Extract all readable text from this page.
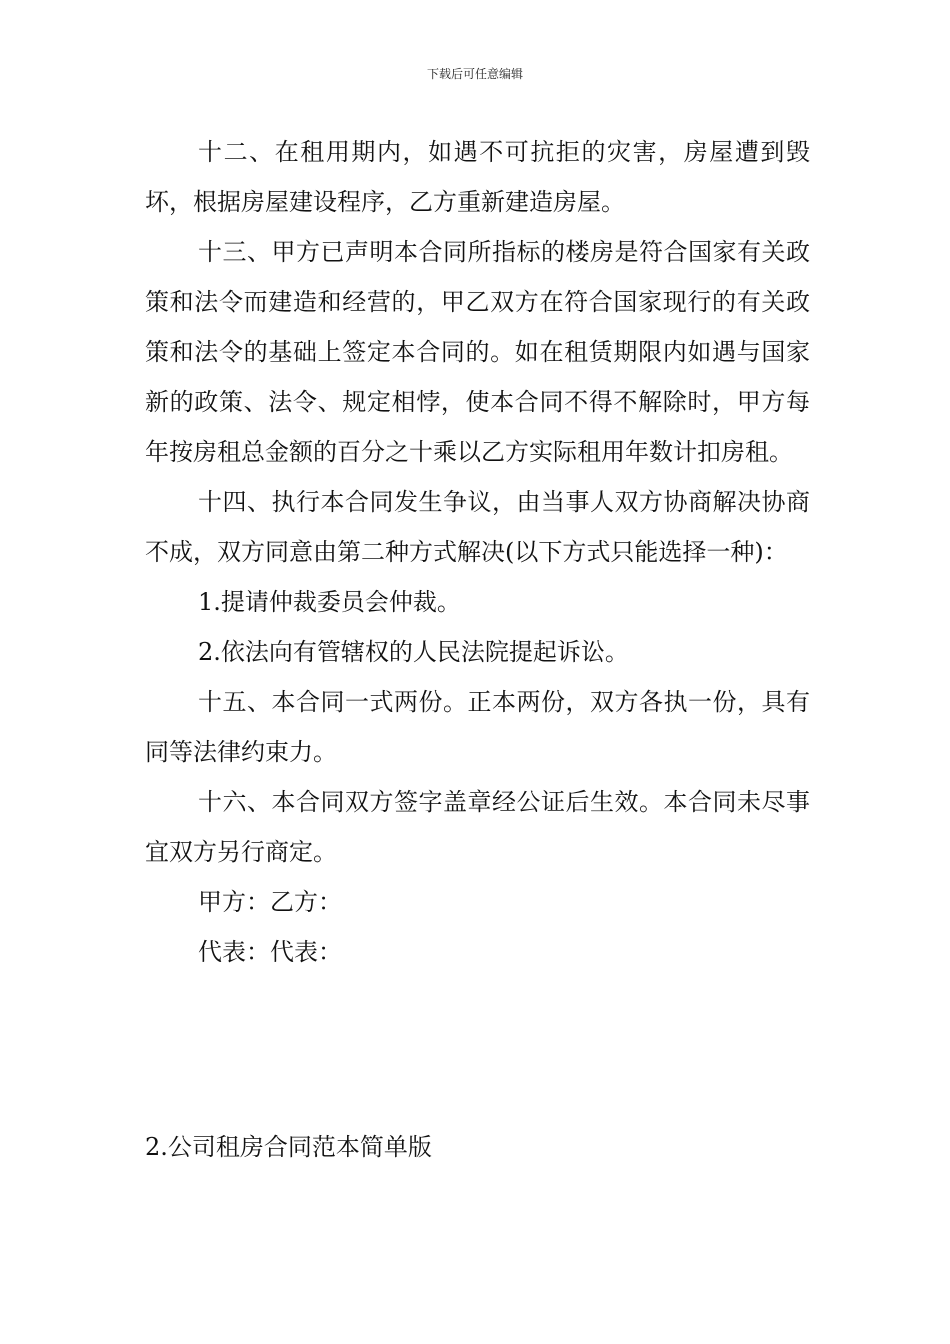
下载后可任意编辑

十二、在租用期内，如遇不可抗拒的灾害，房屋遭到毁坏，根据房屋建设程序，乙方重新建造房屋。

十三、甲方已声明本合同所指标的楼房是符合国家有关政策和法令而建造和经营的，甲乙双方在符合国家现行的有关政策和法令的基础上签定本合同的。如在租赁期限内如遇与国家新的政策、法令、规定相悖，使本合同不得不解除时，甲方每年按房租总金额的百分之十乘以乙方实际租用年数计扣房租。

十四、执行本合同发生争议，由当事人双方协商解决协商不成，双方同意由第二种方式解决(以下方式只能选择一种)：

1.提请仲裁委员会仲裁。

2.依法向有管辖权的人民法院提起诉讼。

十五、本合同一式两份。正本两份，双方各执一份，具有同等法律约束力。

十六、本合同双方签字盖章经公证后生效。本合同未尽事宜双方另行商定。

甲方：乙方：

代表：代表：

2.公司租房合同范本简单版
